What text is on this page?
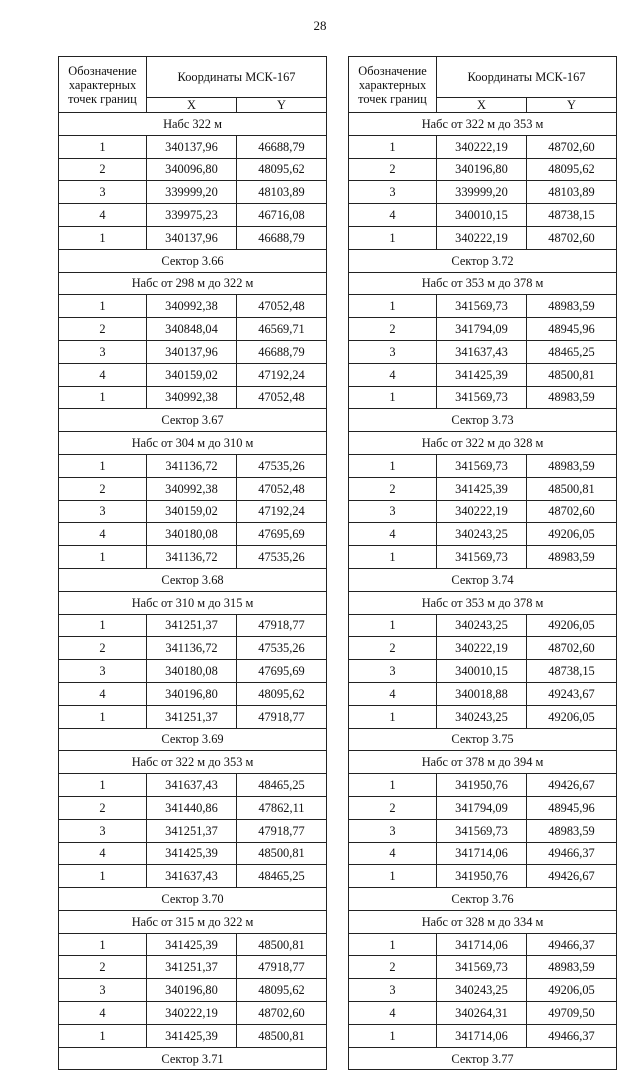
28
Обозначение характерных точек границ	Координаты МСК-167	
	X	Y
Набс 322 м		
1	340137,96	46688,79
2	340096,80	48095,62
3	339999,20	48103,89
4	339975,23	46716,08
1	340137,96	46688,79
Сектор 3.66		
Набс от 298 м до 322 м		
1	340992,38	47052,48
2	340848,04	46569,71
3	340137,96	46688,79
4	340159,02	47192,24
1	340992,38	47052,48
Сектор 3.67		
Набс от 304 м до 310 м		
1	341136,72	47535,26
2	340992,38	47052,48
3	340159,02	47192,24
4	340180,08	47695,69
1	341136,72	47535,26
Сектор 3.68		
Набс от 310 м до 315 м		
1	341251,37	47918,77
2	341136,72	47535,26
3	340180,08	47695,69
4	340196,80	48095,62
1	341251,37	47918,77
Сектор 3.69		
Набс от 322 м до 353 м		
1	341637,43	48465,25
2	341440,86	47862,11
3	341251,37	47918,77
4	341425,39	48500,81
1	341637,43	48465,25
Сектор 3.70		
Набс от 315 м до 322 м		
1	341425,39	48500,81
2	341251,37	47918,77
3	340196,80	48095,62
4	340222,19	48702,60
1	341425,39	48500,81
Сектор 3.71		
Обозначение характерных точек границ	Координаты МСК-167	
	X	Y
Набс от 322 м до 353 м		
1	340222,19	48702,60
2	340196,80	48095,62
3	339999,20	48103,89
4	340010,15	48738,15
1	340222,19	48702,60
Сектор 3.72		
Набс от 353 м до 378 м		
1	341569,73	48983,59
2	341794,09	48945,96
3	341637,43	48465,25
4	341425,39	48500,81
1	341569,73	48983,59
Сектор 3.73		
Набс от 322 м до 328 м		
1	341569,73	48983,59
2	341425,39	48500,81
3	340222,19	48702,60
4	340243,25	49206,05
1	341569,73	48983,59
Сектор 3.74		
Набс от 353 м до 378 м		
1	340243,25	49206,05
2	340222,19	48702,60
3	340010,15	48738,15
4	340018,88	49243,67
1	340243,25	49206,05
Сектор 3.75		
Набс от 378 м до 394 м		
1	341950,76	49426,67
2	341794,09	48945,96
3	341569,73	48983,59
4	341714,06	49466,37
1	341950,76	49426,67
Сектор 3.76		
Набс от 328 м до 334 м		
1	341714,06	49466,37
2	341569,73	48983,59
3	340243,25	49206,05
4	340264,31	49709,50
1	341714,06	49466,37
Сектор 3.77		
